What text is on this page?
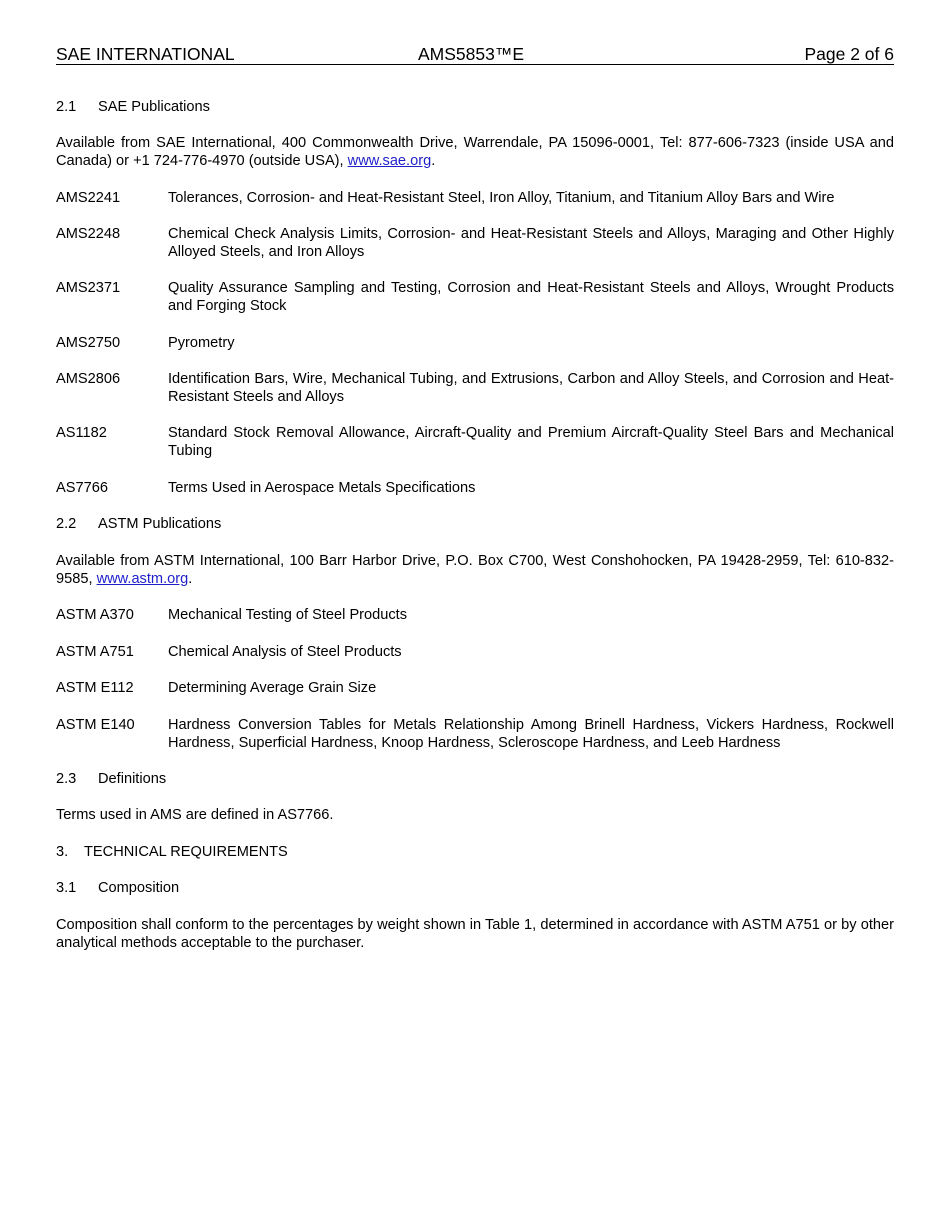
SAE INTERNATIONAL	AMS5853™E	Page 2 of 6
2.1 SAE Publications
Available from SAE International, 400 Commonwealth Drive, Warrendale, PA 15096-0001, Tel: 877-606-7323 (inside USA and Canada) or +1 724-776-4970 (outside USA), www.sae.org.
AMS2241	Tolerances, Corrosion- and Heat-Resistant Steel, Iron Alloy, Titanium, and Titanium Alloy Bars and Wire
AMS2248	Chemical Check Analysis Limits, Corrosion- and Heat-Resistant Steels and Alloys, Maraging and Other Highly Alloyed Steels, and Iron Alloys
AMS2371	Quality Assurance Sampling and Testing, Corrosion and Heat-Resistant Steels and Alloys, Wrought Products and Forging Stock
AMS2750	Pyrometry
AMS2806	Identification Bars, Wire, Mechanical Tubing, and Extrusions, Carbon and Alloy Steels, and Corrosion and Heat-Resistant Steels and Alloys
AS1182	Standard Stock Removal Allowance, Aircraft-Quality and Premium Aircraft-Quality Steel Bars and Mechanical Tubing
AS7766	Terms Used in Aerospace Metals Specifications
2.2 ASTM Publications
Available from ASTM International, 100 Barr Harbor Drive, P.O. Box C700, West Conshohocken, PA 19428-2959, Tel: 610-832-9585, www.astm.org.
ASTM A370	Mechanical Testing of Steel Products
ASTM A751	Chemical Analysis of Steel Products
ASTM E112	Determining Average Grain Size
ASTM E140	Hardness Conversion Tables for Metals Relationship Among Brinell Hardness, Vickers Hardness, Rockwell Hardness, Superficial Hardness, Knoop Hardness, Scleroscope Hardness, and Leeb Hardness
2.3 Definitions
Terms used in AMS are defined in AS7766.
3. TECHNICAL REQUIREMENTS
3.1 Composition
Composition shall conform to the percentages by weight shown in Table 1, determined in accordance with ASTM A751 or by other analytical methods acceptable to the purchaser.
